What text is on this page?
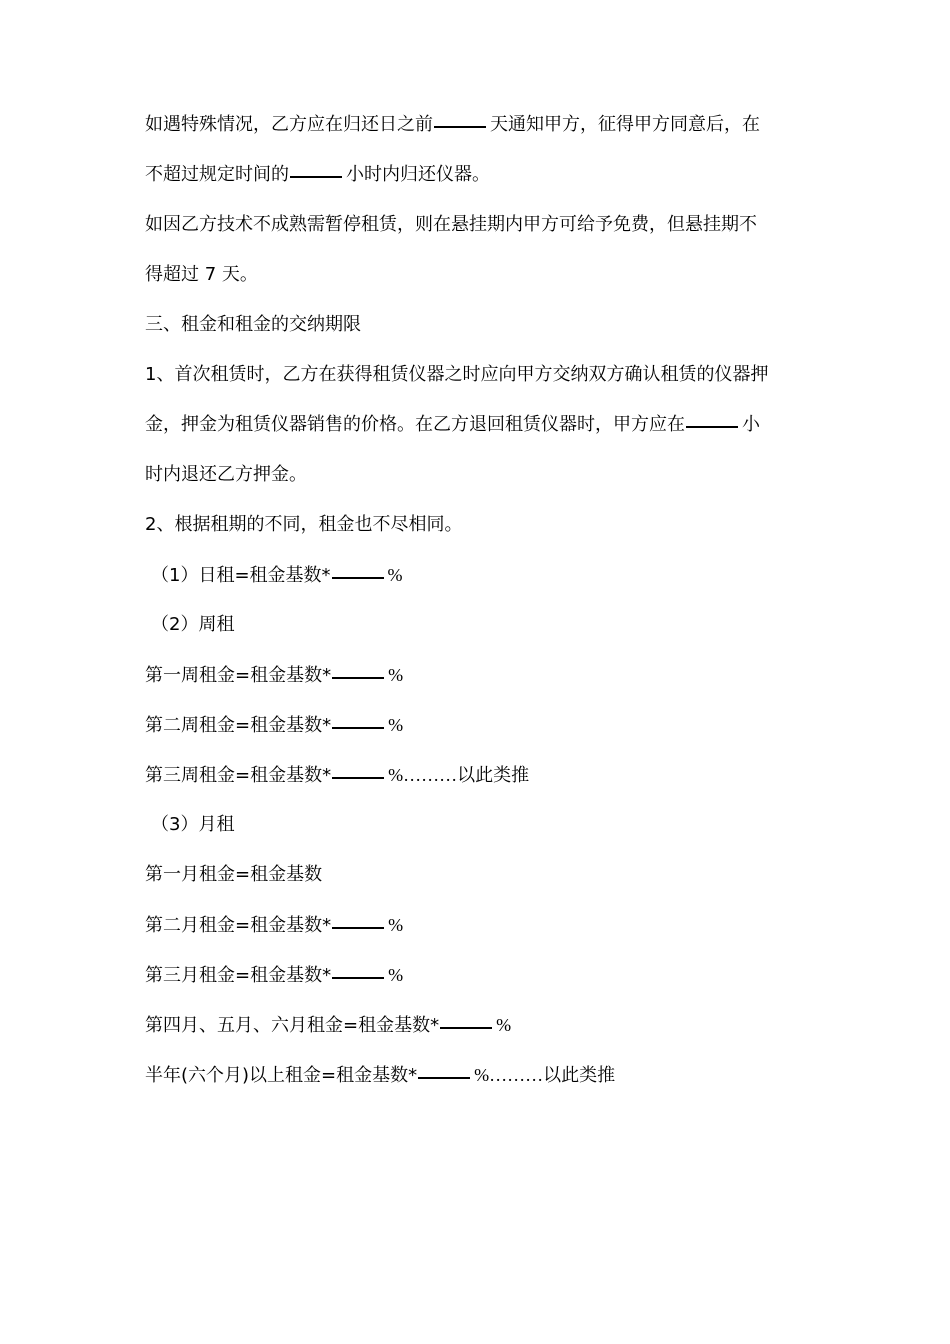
如遇特殊情况，乙方应在归还日之前	天通知甲方，征得甲方同意后，在
不超过规定时间的	小时内归还仪器。
如因乙方技术不成熟需暂停租赁，则在悬挂期内甲方可给予免费，但悬挂期不
得超过 7 天。
三、租金和租金的交纳期限
1、首次租赁时，乙方在获得租赁仪器之时应向甲方交纳双方确认租赁的仪器押
金，押金为租赁仪器销售的价格。在乙方退回租赁仪器时，甲方应在	小
时内退还乙方押金。
2、根据租期的不同，租金也不尽相同。
（1）日租=租金基数*	%
（2）周租
第一周租金=租金基数*	%
第二周租金=租金基数*	%
第三周租金=租金基数*	%………以此类推
（3）月租
第一月租金=租金基数
第二月租金=租金基数*	%
第三月租金=租金基数*	%
第四月、五月、六月租金=租金基数*	%
半年(六个月)以上租金=租金基数*	%………以此类推
